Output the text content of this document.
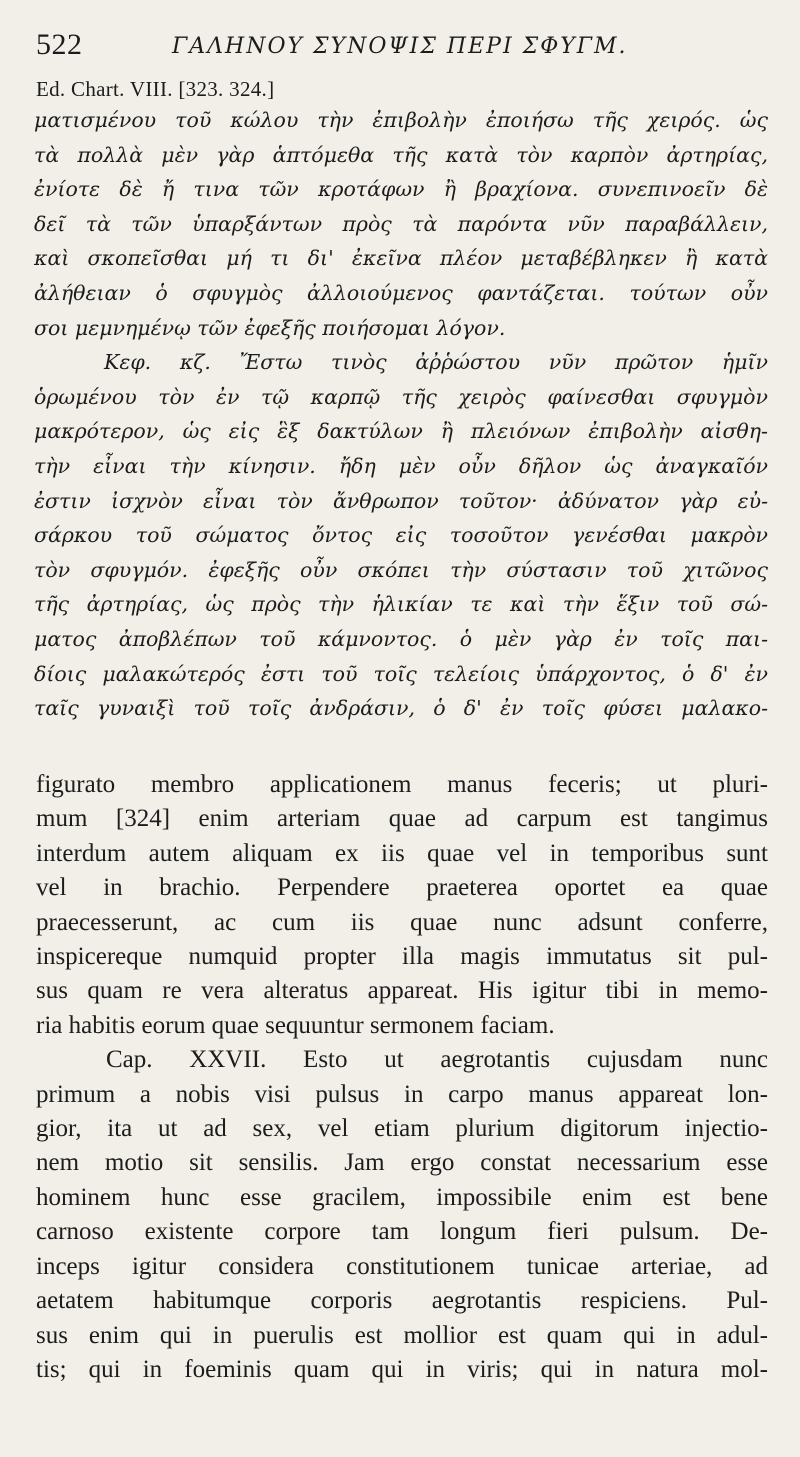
522	ΓΑΛΗΝΟΥ ΣΥΝΟΨΙΣ ΠΕΡΙ ΣΦΥΓΜ.
Ed. Chart. VIII. [323. 324.]
ματισμένου τοῦ κώλου τὴν ἐπιβολὴν ἐποιήσω τῆς χειρός. ὡς
τὰ πολλὰ μὲν γὰρ ἁπτόμεθα τῆς κατὰ τὸν καρπὸν ἀρτηρίας,
ἐνίοτε δὲ ἤ τινα τῶν κροτάφων ἢ βραχίονα. συνεπινοεῖν δὲ
δεῖ τὰ τῶν ὑπαρξάντων πρὸς τὰ παρόντα νῦν παραβάλλειν,
καὶ σκοπεῖσθαι μή τι δι' ἐκεῖνα πλέον μεταβέβληκεν ἢ κατὰ
ἀλήθειαν ὁ σφυγμὸς ἀλλοιούμενος φαντάζεται. τούτων οὖν
σοι μεμνημένῳ τῶν ἐφεξῆς ποιήσομαι λόγον.
Κεφ. κζ. Ἔστω τινὸς ἀῤῥώστου νῦν πρῶτον ἡμῖν
ὁρωμένου τὸν ἐν τῷ καρπῷ τῆς χειρὸς φαίνεσθαι σφυγμὸν
μακρότερον, ὡς εἰς ἓξ δακτύλων ἢ πλειόνων ἐπιβολὴν αἰσθη-
τὴν εἶναι τὴν κίνησιν. ἤδη μὲν οὖν δῆλον ὡς ἀναγκαῖόν
ἐστιν ἰσχνὸν εἶναι τὸν ἄνθρωπον τοῦτον· ἀδύνατον γὰρ εὐ-
σάρκου τοῦ σώματος ὄντος εἰς τοσοῦτον γενέσθαι μακρὸν
τὸν σφυγμόν. ἐφεξῆς οὖν σκόπει τὴν σύστασιν τοῦ χιτῶνος
τῆς ἀρτηρίας, ὡς πρὸς τὴν ἡλικίαν τε καὶ τὴν ἕξιν τοῦ σώ-
ματος ἀποβλέπων τοῦ κάμνοντος. ὁ μὲν γὰρ ἐν τοῖς παι-
δίοις μαλακώτερός ἐστι τοῦ τοῖς τελείοις ὑπάρχοντος, ὁ δ' ἐν
ταῖς γυναιξὶ τοῦ τοῖς ἀνδράσιν, ὁ δ' ἐν τοῖς φύσει μαλακο-
figurato membro applicationem manus feceris; ut pluri-
mum [324] enim arteriam quae ad carpum est tangimus
interdum autem aliquam ex iis quae vel in temporibus sunt
vel in brachio. Perpendere praeterea oportet ea quae
praecesserunt, ac cum iis quae nunc adsunt conferre,
inspicereque numquid propter illa magis immutatus sit pul-
sus quam re vera alteratus appareat. His igitur tibi in memo-
ria habitis eorum quae sequuntur sermonem faciam.
Cap. XXVII. Esto ut aegrotantis cujusdam nunc
primum a nobis visi pulsus in carpo manus appareat lon-
gior, ita ut ad sex, vel etiam plurium digitorum injectio-
nem motio sit sensilis. Jam ergo constat necessarium esse
hominem hunc esse gracilem, impossibile enim est bene
carnoso existente corpore tam longum fieri pulsum. De-
inceps igitur considera constitutionem tunicae arteriae, ad
aetatem habitumque corporis aegrotantis respiciens. Pul-
sus enim qui in puerulis est mollior est quam qui in adul-
tis; qui in foeminis quam qui in viris; qui in natura mol-
